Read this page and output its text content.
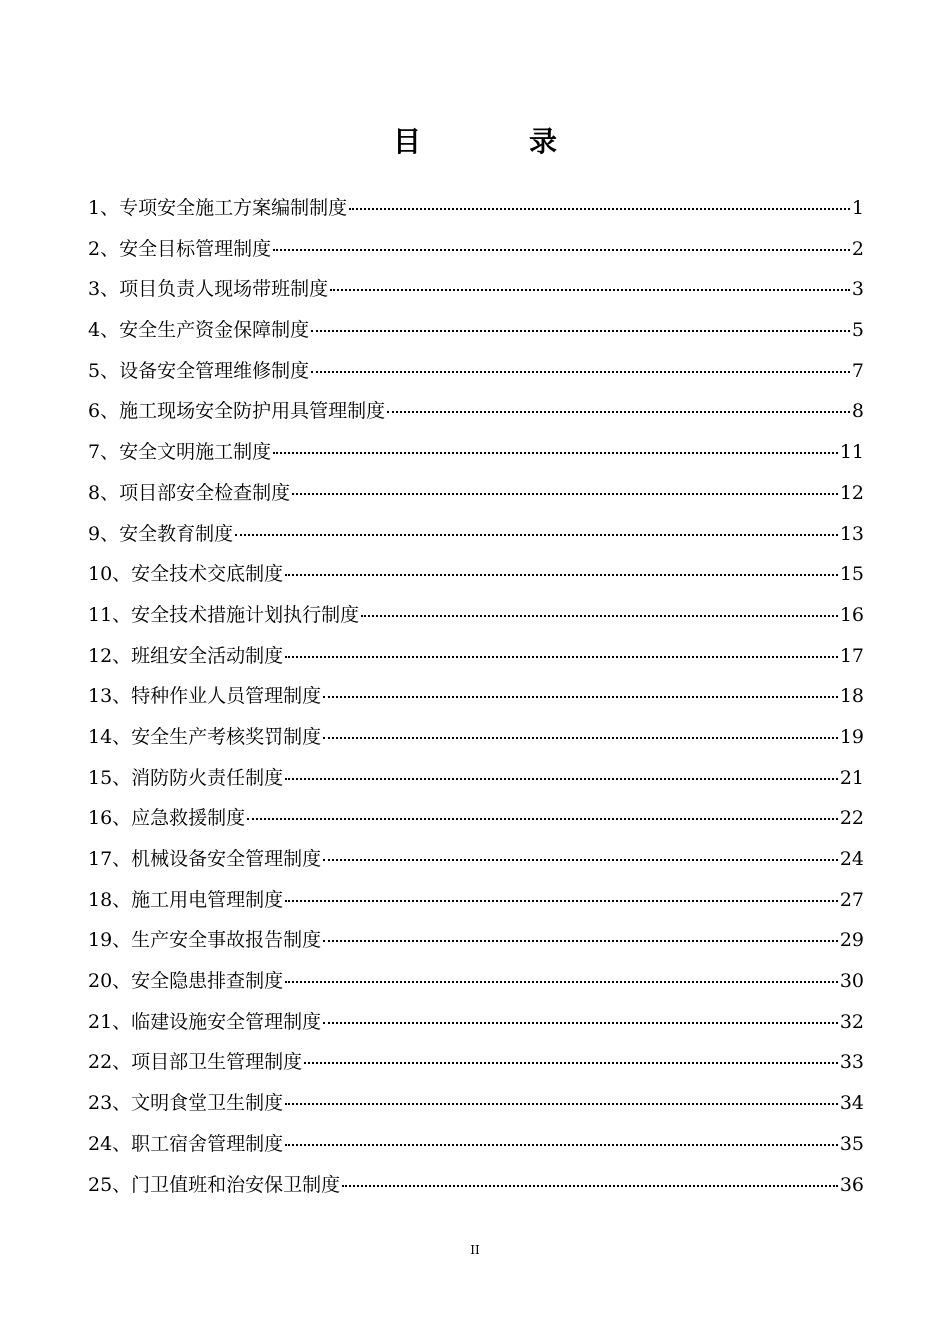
目　录
1、专项安全施工方案编制制度	1
2、安全目标管理制度	2
3、项目负责人现场带班制度	3
4、安全生产资金保障制度	5
5、设备安全管理维修制度	7
6、施工现场安全防护用具管理制度	8
7、安全文明施工制度	11
8、项目部安全检查制度	12
9、安全教育制度	13
10、安全技术交底制度	15
11、安全技术措施计划执行制度	16
12、班组安全活动制度	17
13、特种作业人员管理制度	18
14、安全生产考核奖罚制度	19
15、消防防火责任制度	21
16、应急救援制度	22
17、机械设备安全管理制度	24
18、施工用电管理制度	27
19、生产安全事故报告制度	29
20、安全隐患排查制度	30
21、临建设施安全管理制度	32
22、项目部卫生管理制度	33
23、文明食堂卫生制度	34
24、职工宿舍管理制度	35
25、门卫值班和治安保卫制度	36
II
